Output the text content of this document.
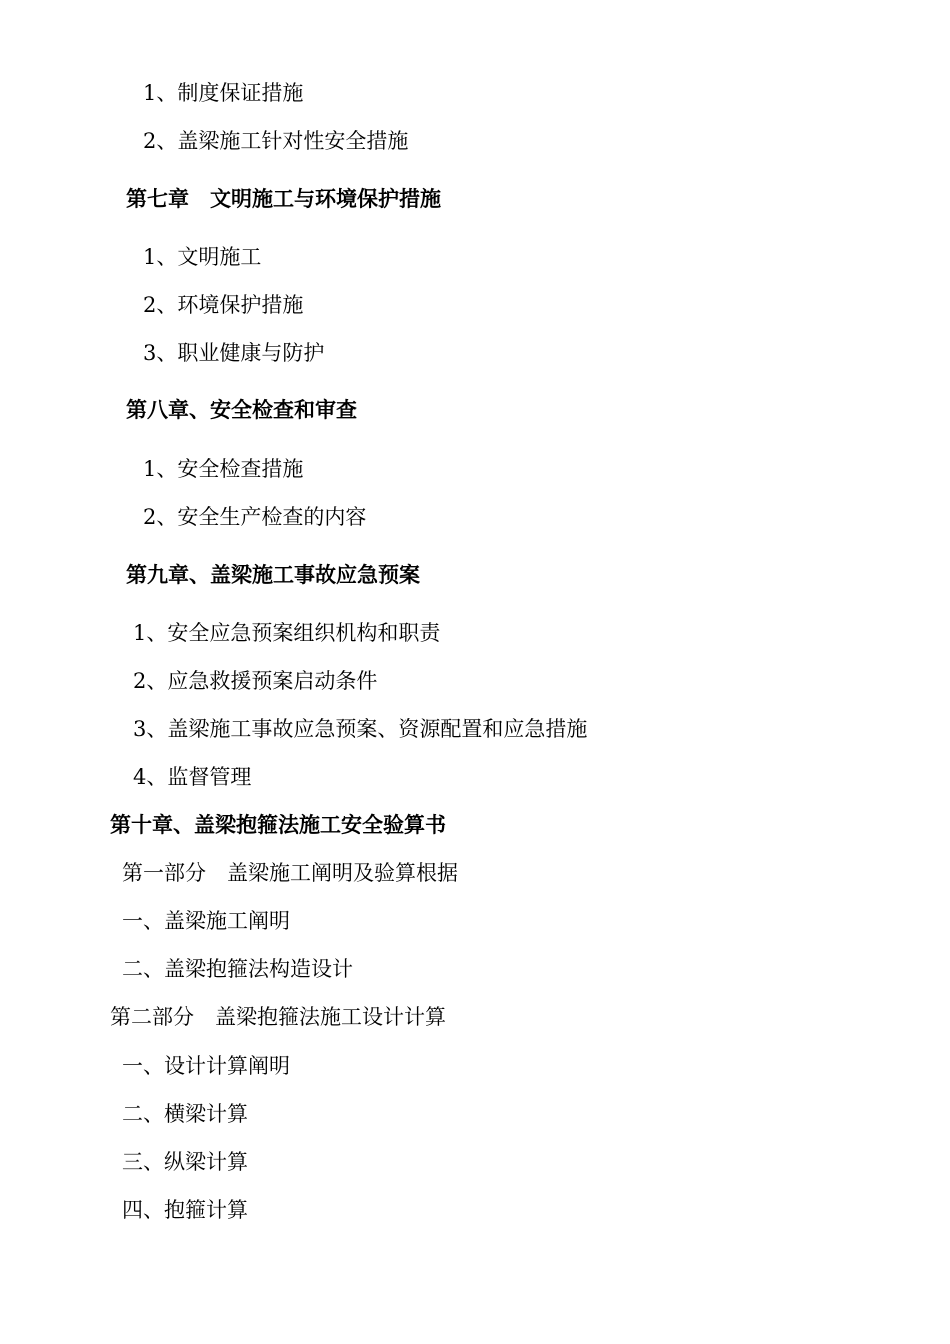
1、制度保证措施
2、盖梁施工针对性安全措施
第七章　文明施工与环境保护措施
1、文明施工
2、环境保护措施
3、职业健康与防护
第八章、安全检查和审查
1、安全检查措施
2、安全生产检查的内容
第九章、盖梁施工事故应急预案
1、安全应急预案组织机构和职责
2、应急救援预案启动条件
3、盖梁施工事故应急预案、资源配置和应急措施
4、监督管理
第十章、盖梁抱箍法施工安全验算书
第一部分　盖梁施工阐明及验算根据
一、盖梁施工阐明
二、盖梁抱箍法构造设计
第二部分　盖梁抱箍法施工设计计算
一、设计计算阐明
二、横梁计算
三、纵梁计算
四、抱箍计算
